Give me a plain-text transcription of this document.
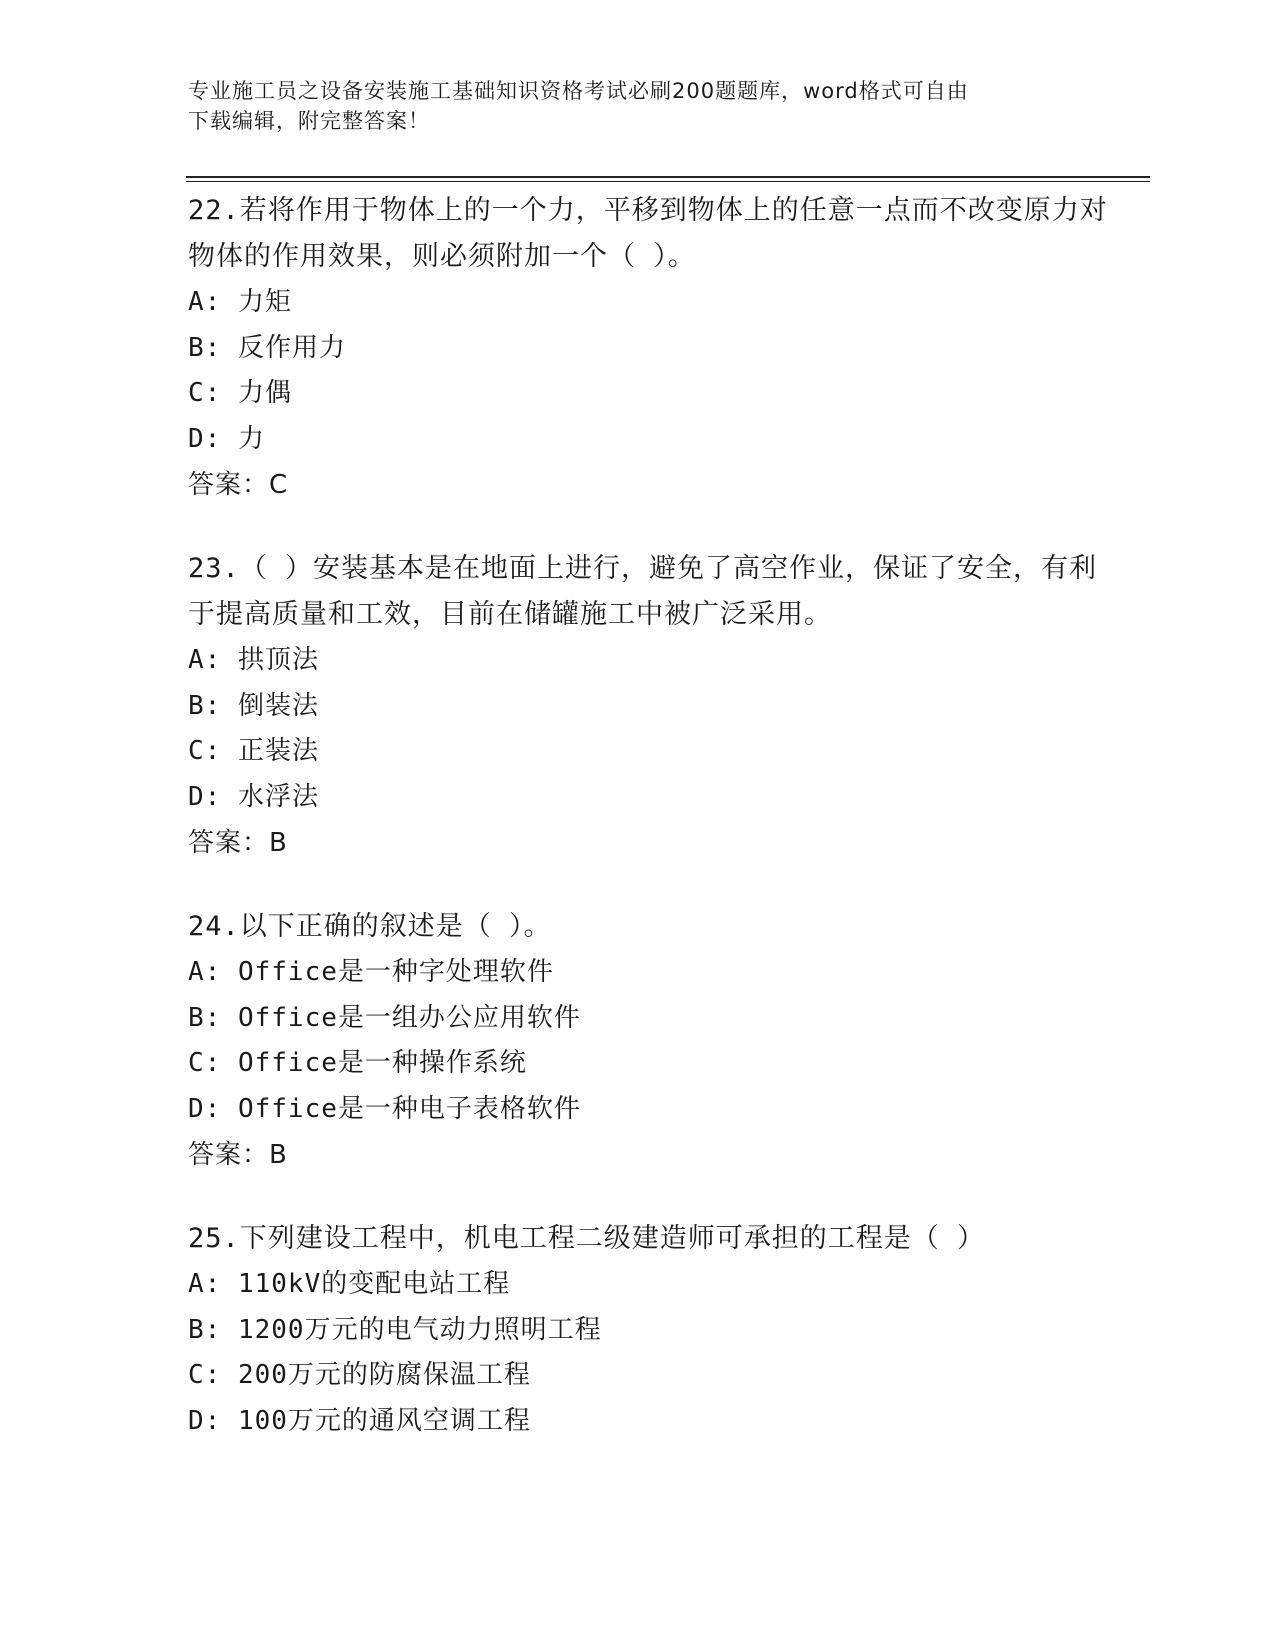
专业施工员之设备安装施工基础知识资格考试必刷200题题库，word格式可自由
下载编辑，附完整答案！

22.若将作用于物体上的一个力，平移到物体上的任意一点而不改变原力对物体的作用效果，则必须附加一个（ ）。

A: 力矩

B: 反作用力

C: 力偶

D: 力

答案：C

23.（ ）安装基本是在地面上进行，避免了高空作业，保证了安全，有利于提高质量和工效，目前在储罐施工中被广泛采用。

A: 拱顶法

B: 倒装法

C: 正装法

D: 水浮法

答案：B

24.以下正确的叙述是（ ）。

A: Office是一种字处理软件

B: Office是一组办公应用软件

C: Office是一种操作系统

D: Office是一种电子表格软件

答案：B

25.下列建设工程中，机电工程二级建造师可承担的工程是（ ）

A: 110kV的变配电站工程

B: 1200万元的电气动力照明工程

C: 200万元的防腐保温工程

D: 100万元的通风空调工程
